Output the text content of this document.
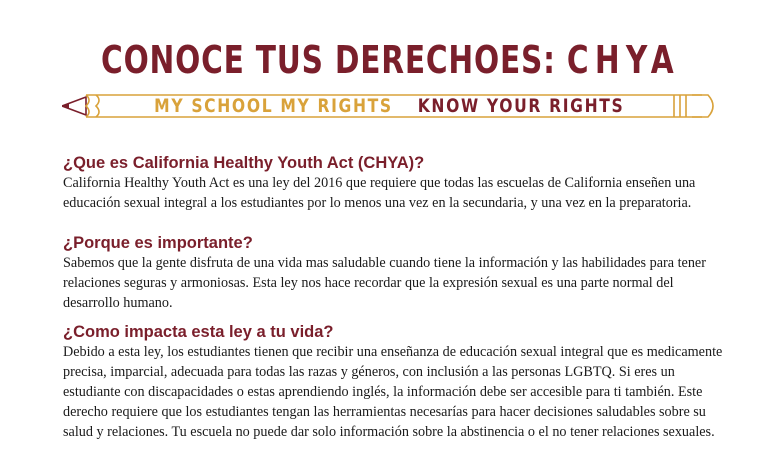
CONOCE TUS DERECHOES: CHYA
MY SCHOOL MY RIGHTS KNOW YOUR RIGHTS

¿Que es California Healthy Youth Act (CHYA)?

California Healthy Youth Act es una ley del 2016 que requiere que todas las escuelas de California enseñen una educación sexual integral a los estudiantes por lo menos una vez en la secundaria, y una vez en la preparatoria.

¿Porque es importante?

Sabemos que la gente disfruta de una vida mas saludable cuando tiene la información y las habilidades para tener relaciones seguras y armoniosas. Esta ley nos hace recordar que la expresión sexual es una parte normal del desarrollo humano.

¿Como impacta esta ley a tu vida?

Debido a esta ley, los estudiantes tienen que recibir una enseñanza de educación sexual integral que es medicamente precisa, imparcial, adecuada para todas las razas y géneros, con inclusión a las personas LGBTQ. Si eres un estudiante con discapacidades o estas aprendiendo inglés, la información debe ser accesible para ti también. Este derecho requiere que los estudiantes tengan las herramientas necesarías para hacer decisiones saludables sobre su salud y relaciones. Tu escuela no puede dar solo información sobre la abstinencia o el no tener relaciones sexuales.
